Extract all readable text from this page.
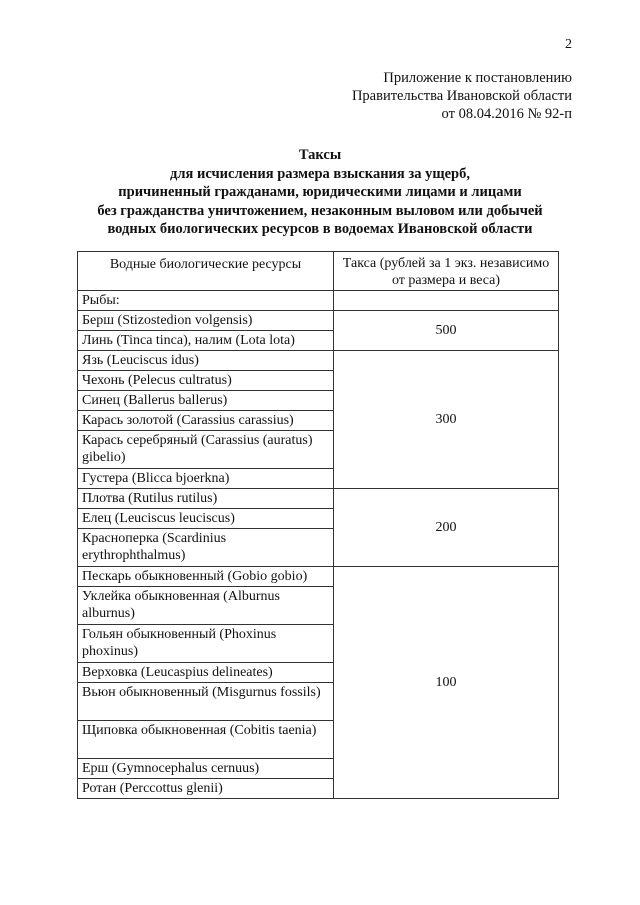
2
Приложение к постановлению
Правительства Ивановской области
от 08.04.2016 № 92-п
Таксы
для исчисления размера взыскания за ущерб,
причиненный гражданами, юридическими лицами и лицами
без гражданства уничтожением, незаконным выловом или добычей
водных биологических ресурсов в водоемах Ивановской области
Водные биологические ресурсы	Такса (рублей за 1 экз. независимо от размера и веса)
Рыбы:	
Берш (Stizostedion volgensis)	500
Линь (Tinca tinca), налим (Lota lota)	
Язь (Leuciscus idus)	300
Чехонь (Pelecus cultratus)	
Синец (Ballerus ballerus)	
Карась золотой (Carassius carassius)	
Карась серебряный (Carassius (auratus) gibelio)	
Густера (Blicca bjoerkna)	
Плотва (Rutilus rutilus)	200
Елец (Leuciscus leuciscus)	
Красноперка (Scardinius erythrophthalmus)	
Пескарь обыкновенный (Gobio gobio)	100
Уклейка обыкновенная (Alburnus alburnus)	
Гольян обыкновенный (Phoxinus phoxinus)	
Верховка (Leucaspius delineates)	
Вьюн обыкновенный (Misgurnus fossils)	
Щиповка обыкновенная (Cobitis taenia)	
Ерш (Gymnocephalus cernuus)	
Ротан (Perccottus glenii)	
